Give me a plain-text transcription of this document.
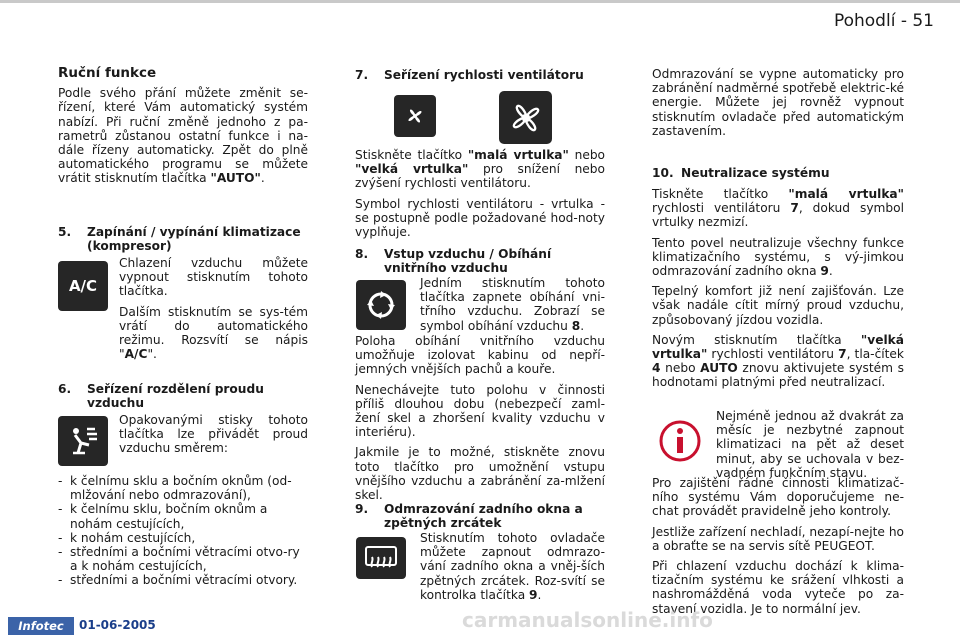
Pohodlí - 51
Ruční funkce

Podle svého přání můžete změnit se-řízení, které Vám automatický systém nabízí. Při ruční změně jednoho z pa-rametrů zůstanou ostatní funkce i na-dále řízeny automaticky. Zpět do plně automatického programu se můžete vrátit stisknutím tlačítka "AUTO".

5.	Zapínání / vypínání klimatizace (kompresor)
A/C

Chlazení vzduchu můžete vypnout stisknutím tohoto tlačítka.

Dalším stisknutím se sys-tém vrátí do automatického režimu. Rozsvítí se nápis "A/C".

6.	Seřízení rozdělení proudu vzduchu

Opakovanými stisky tohoto tlačítka lze přivádět proud vzduchu směrem:

- k čelnímu sklu a bočním oknům (od-mlžování nebo odmrazování),
- k čelnímu sklu, bočním oknům a nohám cestujících,
- k nohám cestujících,
- středními a bočními větracími otvo-ry a k nohám cestujících,
- středními a bočními větracími otvory.
7.	Seřízení rychlosti ventilátoru

Stiskněte tlačítko "malá vrtulka" nebo "velká vrtulka" pro snížení nebo zvýšení rychlosti ventilátoru.

Symbol rychlosti ventilátoru - vrtulka - se postupně podle požadované hod-noty vyplňuje.

8.	Vstup vzduchu / Obíhání vnitřního vzduchu

Jedním stisknutím tohoto tlačítka zapnete obíhání vni-třního vzduchu. Zobrazí se symbol obíhání vzduchu 8.

Poloha obíhání vnitřního vzduchu umožňuje izolovat kabinu od nepří-jemných vnějších pachů a kouře.

Nenechávejte tuto polohu v činnosti příliš dlouhou dobu (nebezpečí zaml-žení skel a zhoršení kvality vzduchu v interiéru).

Jakmile je to možné, stiskněte znovu toto tlačítko pro umožnění vstupu vnějšího vzduchu a zabránění za-mlžení skel.

9.	Odmrazování zadního okna a zpětných zrcátek

Stisknutím tohoto ovladače můžete zapnout odmrazo-vání zadního okna a vněj-ších zpětných zrcátek. Roz-svítí se kontrolka tlačítka 9.

Odmrazování se vypne automaticky pro zabránění nadměrné spotřebě elektric-ké energie. Můžete jej rovněž vypnout stisknutím ovladače před automatickým zastavením.

10. Neutralizace systému

Tiskněte tlačítko "malá vrtulka" rychlosti ventilátoru 7, dokud symbol vrtulky nezmizí.

Tento povel neutralizuje všechny funkce klimatizačního systému, s vý-jimkou odmrazování zadního okna 9.

Tepelný komfort již není zajišťován. Lze však nadále cítit mírný proud vzduchu, způsobovaný jízdou vozidla.

Novým stisknutím tlačítka "velká vrtulka" rychlosti ventilátoru 7, tla-čítek 4 nebo AUTO znovu aktivujete systém s hodnotami platnými před neutralizací.

Nejméně jednou až dvakrát za měsíc je nezbytné zapnout klimatizaci na pět až deset minut, aby se uchovala v bez-vadném funkčním stavu.

Pro zajištění řádné činnosti klimatizač-ního systému Vám doporučujeme ne-chat provádět pravidelně jeho kontroly.

Jestliže zařízení nechladí, nezapí-nejte ho a obraťte se na servis sítě PEUGEOT.

Při chlazení vzduchu dochází k klima-tizačním systému ke srážení vlhkosti a nashromážděná voda vyteče po za-stavení vozidla. Je to normální jev.

carmanualsonline.info
Infotec	01-06-2005
